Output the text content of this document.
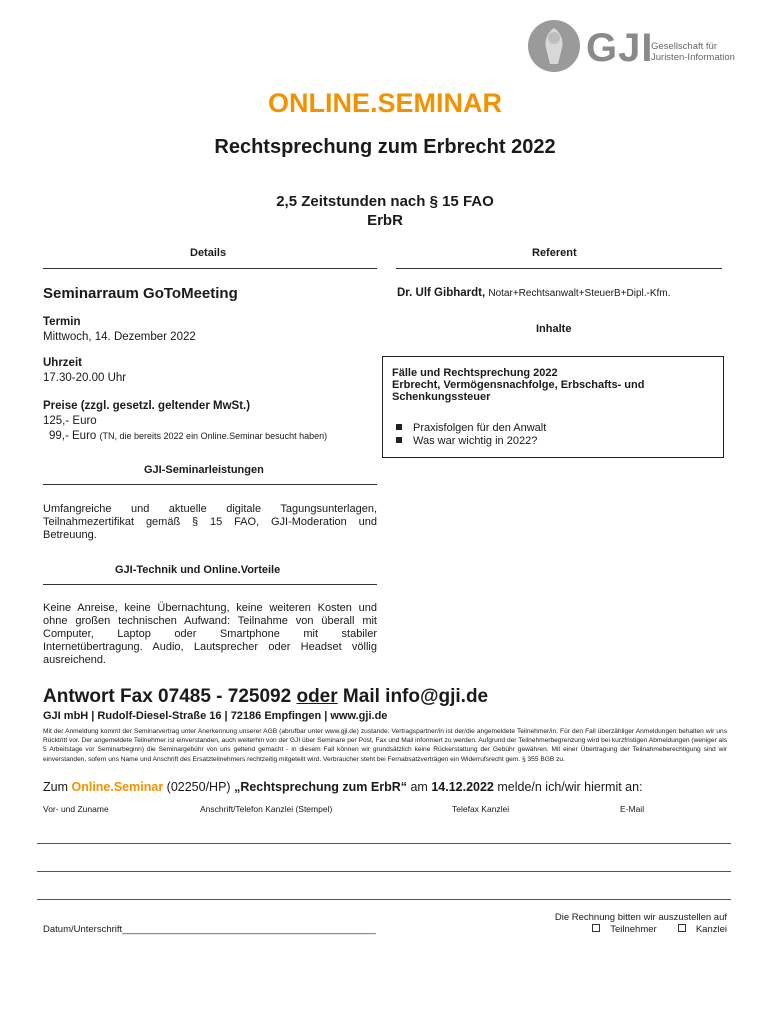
GJI
Gesellschaft für
Juristen-Information
ONLINE.SEMINAR
Rechtsprechung zum Erbrecht 2022
2,5 Zeitstunden nach § 15 FAO
ErbR
Details	Referent
Seminarraum GoToMeeting
Termin
Mittwoch, 14. Dezember 2022
Uhrzeit
17.30-20.00 Uhr
Preise (zzgl. gesetzl. geltender MwSt.)
125,- Euro
99,- Euro (TN, die bereits 2022 ein Online.Seminar besucht haben)
GJI-Seminarleistungen
Umfangreiche und aktuelle digitale Tagungsunterlagen, Teilnahmezertifikat gemäß § 15 FAO, GJI-Moderation und Betreuung.
GJI-Technik und Online.Vorteile
Keine Anreise, keine Übernachtung, keine weiteren Kosten und ohne großen technischen Aufwand: Teilnahme von überall mit Computer, Laptop oder Smartphone mit stabiler Internetübertragung. Audio, Lautsprecher oder Headset völlig ausreichend.
Dr. Ulf Gibhardt, Notar+Rechtsanwalt+SteuerB+Dipl.-Kfm.
Inhalte
Fälle und Rechtsprechung 2022
Erbrecht, Vermögensnachfolge, Erbschafts- und
Schenkungssteuer
Praxisfolgen für den Anwalt
Was war wichtig in 2022?
Antwort Fax 07485 - 725092 oder Mail info@gji.de
GJI mbH | Rudolf-Diesel-Straße 16 | 72186 Empfingen | www.gji.de
Mit der Anmeldung kommt der Seminarvertrag unter Anerkennung unserer AGB (abrufbar unter www.gji.de) zustande. Vertragspartner/in ist der/die angemeldete Teilnehmer/in. Für den Fall überzähliger Anmeldungen behalten wir uns Rücktritt vor. Der angemeldete Teilnehmer ist einverstanden, auch weiterhin von der GJI über Seminare per Post, Fax und Mail informiert zu werden. Aufgrund der Teilnehmerbegrenzung wird bei kurzfristigen Abmeldungen (weniger als 5 Arbeitstage vor Seminarbeginn) die Seminargebühr von uns geltend gemacht - in diesem Fall können wir grundsätzlich keine Rückerstattung der Gebühr gewähren. Mit einer Übertragung der Teilnahmeberechtigung sind wir einverstanden, sofern uns Name und Anschrift des Ersatzteilnehmers rechtzeitig mitgeteilt wird. Verbraucher steht bei Fernabsatzverträgen ein Widerrufsrecht gem. § 355 BGB zu.
Zum Online.Seminar (02250/HP) „Rechtsprechung zum ErbR“ am 14.12.2022 melde/n ich/wir hiermit an:
Vor- und Zuname	Anschrift/Telefon Kanzlei (Stempel)	Telefax Kanzlei	E-Mail
Datum/Unterschrift________________________________________________
Die Rechnung bitten wir auszustellen auf
Teilnehmer	Kanzlei
